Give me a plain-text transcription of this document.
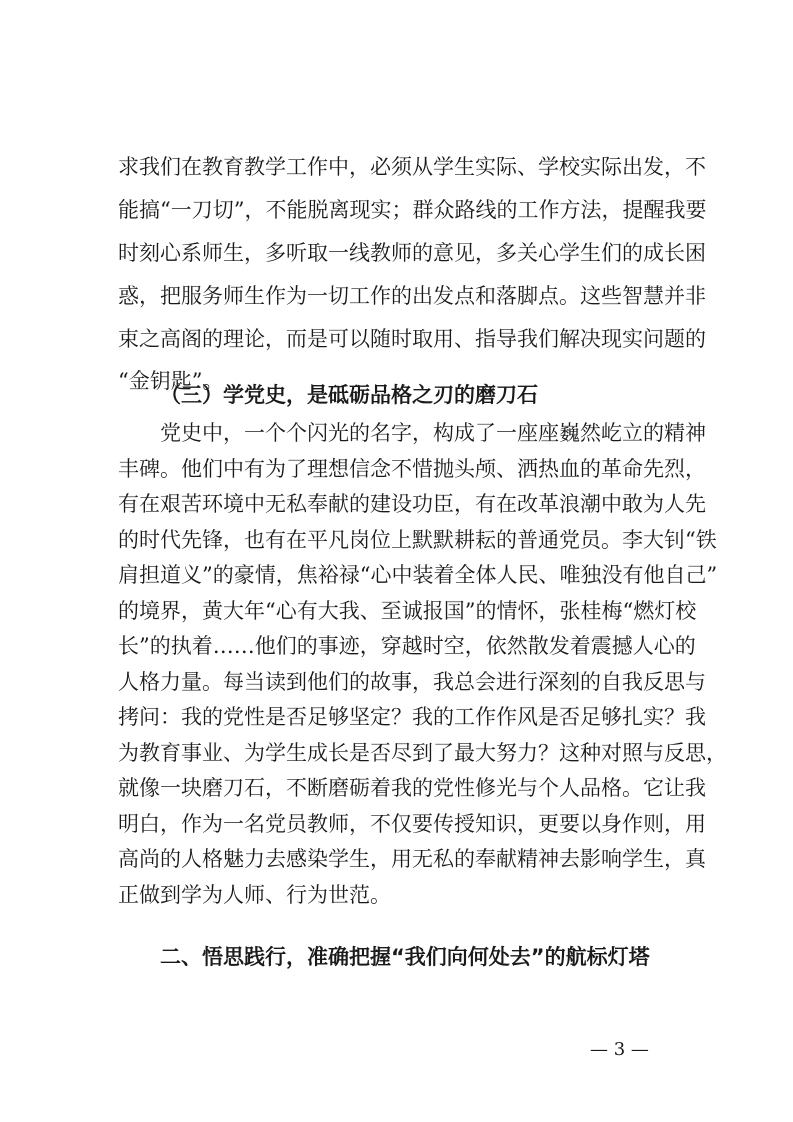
求我们在教育教学工作中，必须从学生实际、学校实际出发，不
能搞“一刀切”，不能脱离现实；群众路线的工作方法，提醒我要
时刻心系师生，多听取一线教师的意见，多关心学生们的成长困
惑，把服务师生作为一切工作的出发点和落脚点。这些智慧并非
束之高阁的理论，而是可以随时取用、指导我们解决现实问题的
“金钥匙”。
（三）学党史，是砥砺品格之刃的磨刀石
党史中，一个个闪光的名字，构成了一座座巍然屹立的精神
丰碑。他们中有为了理想信念不惜抛头颅、洒热血的革命先烈，
有在艰苦环境中无私奉献的建设功臣，有在改革浪潮中敢为人先
的时代先锋，也有在平凡岗位上默默耕耘的普通党员。李大钊“铁
肩担道义”的豪情，焦裕禄“心中装着全体人民、唯独没有他自己”
的境界，黄大年“心有大我、至诚报国”的情怀，张桂梅“燃灯校
长”的执着……他们的事迹，穿越时空，依然散发着震撼人心的
人格力量。每当读到他们的故事，我总会进行深刻的自我反思与
拷问：我的党性是否足够坚定？我的工作作风是否足够扎实？我
为教育事业、为学生成长是否尽到了最大努力？这种对照与反思，
就像一块磨刀石，不断磨砺着我的党性修光与个人品格。它让我
明白，作为一名党员教师，不仅要传授知识，更要以身作则，用
高尚的人格魅力去感染学生，用无私的奉献精神去影响学生，真
正做到学为人师、行为世范。
二、悟思践行，准确把握“我们向何处去”的航标灯塔
— 3 —
